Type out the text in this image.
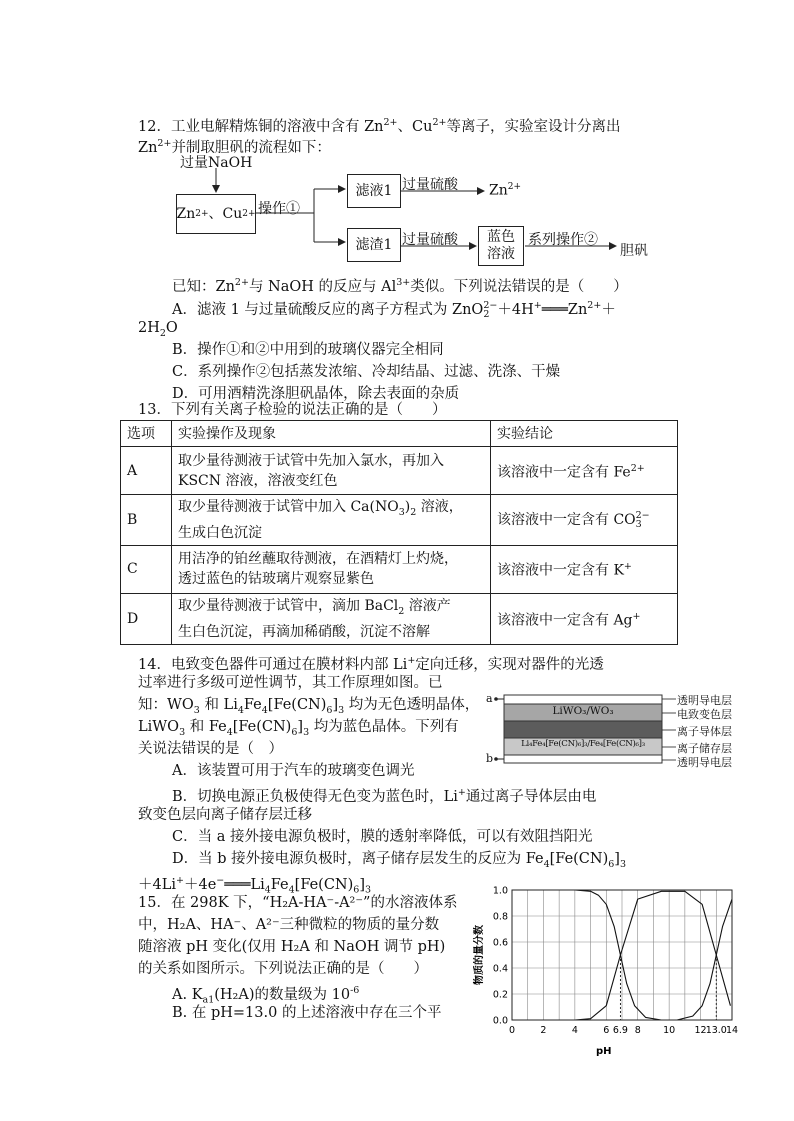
12．工业电解精炼铜的溶液中含有 $Zn^{2+}$、$Cu^{2+}$等离子，实验室设计分离出
$Zn^{2+}$并制取胆矾的流程如下：
过量NaOH
Zn 2+ 、 Cu 2+ 操作①
滤液1
滤渣1
过量硫酸
过量硫酸
$Zn^{2+}$
蓝色溶液
系列操作②
胆矾
已知：$Zn^{2+}$与 NaOH 的反应与 $Al^{3+}$类似。下列说法错误的是（　　）
A．滤液 1 与过量硫酸反应的离子方程式为 ZnO 2−
$2 +4H^+═══Zn^{2+}+$
$2H_2O$
B．操作①和②中用到的玻璃仪器完全相同
C．系列操作②包括蒸发浓缩、冷却结晶、过滤、洗涤、干燥
D．可用酒精洗涤胆矾晶体，除去表面的杂质
13．下列有关离子检验的说法正确的是（　　）
选项	实验操作及现象	实验结论
A	取少量待测液于试管中先加入氯水，再加入
KSCN 溶液，溶液变红色	该溶液中一定含有 $Fe^{2+}$
B	取少量待测液于试管中加入 $Ca(NO_3)_2$ 溶液，
生成白色沉淀	该溶液中一定含有 CO 2−
3

C	用洁净的铂丝蘸取待测液，在酒精灯上灼烧，
透过蓝色的钴玻璃片观察显紫色	该溶液中一定含有 K+
D	取少量待测液于试管中，滴加 BaCl$_2$ 溶液产
生白色沉淀，再滴加稀硝酸，沉淀不溶解	该溶液中一定含有 Ag+
14．电致变色器件可通过在膜材料内部 Li+定向迁移，实现对器件的光透
过率进行多级可逆性调节，其工作原理如图。已
知：$WO_3$ 和 $Li_4Fe_4[Fe(CN)_6]_3$ 均为无色透明晶体，
LiWO$_3$ 和 $Fe_4[Fe(CN)_6]_3$ 均为蓝色晶体。下列有
关说法错误的是（　）
a
b
LiWO₃/WO₃
Li₄Fe₄[Fe(CN)₆]₃/Fe₄[Fe(CN)₆]₃
透明导电层
电致变色层
离子导体层
离子储存层
透明导电层
A．该装置可用于汽车的玻璃变色调光
B．切换电源正负极使得无色变为蓝色时，Li+通过离子导体层由电
致变色层向离子储存层迁移
C．当 a 接外接电源负极时，膜的透射率降低，可以有效阻挡阳光
D．当 b 接外接电源负极时，离子储存层发生的反应为 $Fe_4[Fe(CN)_6]_3$
$+4Li^++4e^-═══Li_4Fe_4[Fe(CN)_6]_3$
15．在 298K 下，“H₂A-HA⁻-A²⁻”的水溶液体系
中，H₂A、HA⁻、A²⁻三种微粒的物质的量分数
随溶液 pH 变化(仅用 H₂A 和 NaOH 调节 pH)
的关系如图所示。下列说法正确的是（　　）
A. $K_{a1}(H_2A)$的数量级为 $10^{-6}$
B. 在 pH=13.0 的上述溶液中存在三个平	0.0
0.2
0.4
0.6
0.8
1.0
0	2	4	6 6.9 8 10 12 13.0 14
pH
物质的量分数
